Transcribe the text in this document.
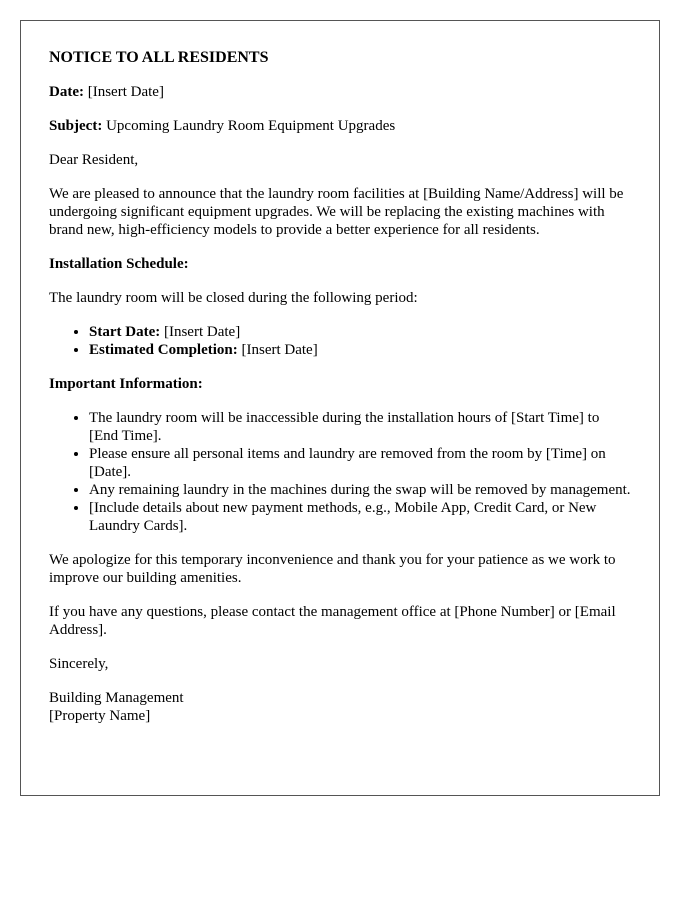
NOTICE TO ALL RESIDENTS

Date: [Insert Date]

Subject: Upcoming Laundry Room Equipment Upgrades

Dear Resident,

We are pleased to announce that the laundry room facilities at [Building Name/Address] will be undergoing significant equipment upgrades. We will be replacing the existing machines with brand new, high-efficiency models to provide a better experience for all residents.

Installation Schedule:

The laundry room will be closed during the following period:

• Start Date: [Insert Date]
• Estimated Completion: [Insert Date]

Important Information:

• The laundry room will be inaccessible during the installation hours of [Start Time] to [End Time].
• Please ensure all personal items and laundry are removed from the room by [Time] on [Date].
• Any remaining laundry in the machines during the swap will be removed by management.
• [Include details about new payment methods, e.g., Mobile App, Credit Card, or New Laundry Cards].

We apologize for this temporary inconvenience and thank you for your patience as we work to improve our building amenities.

If you have any questions, please contact the management office at [Phone Number] or [Email Address].

Sincerely,

Building Management

[Property Name]
